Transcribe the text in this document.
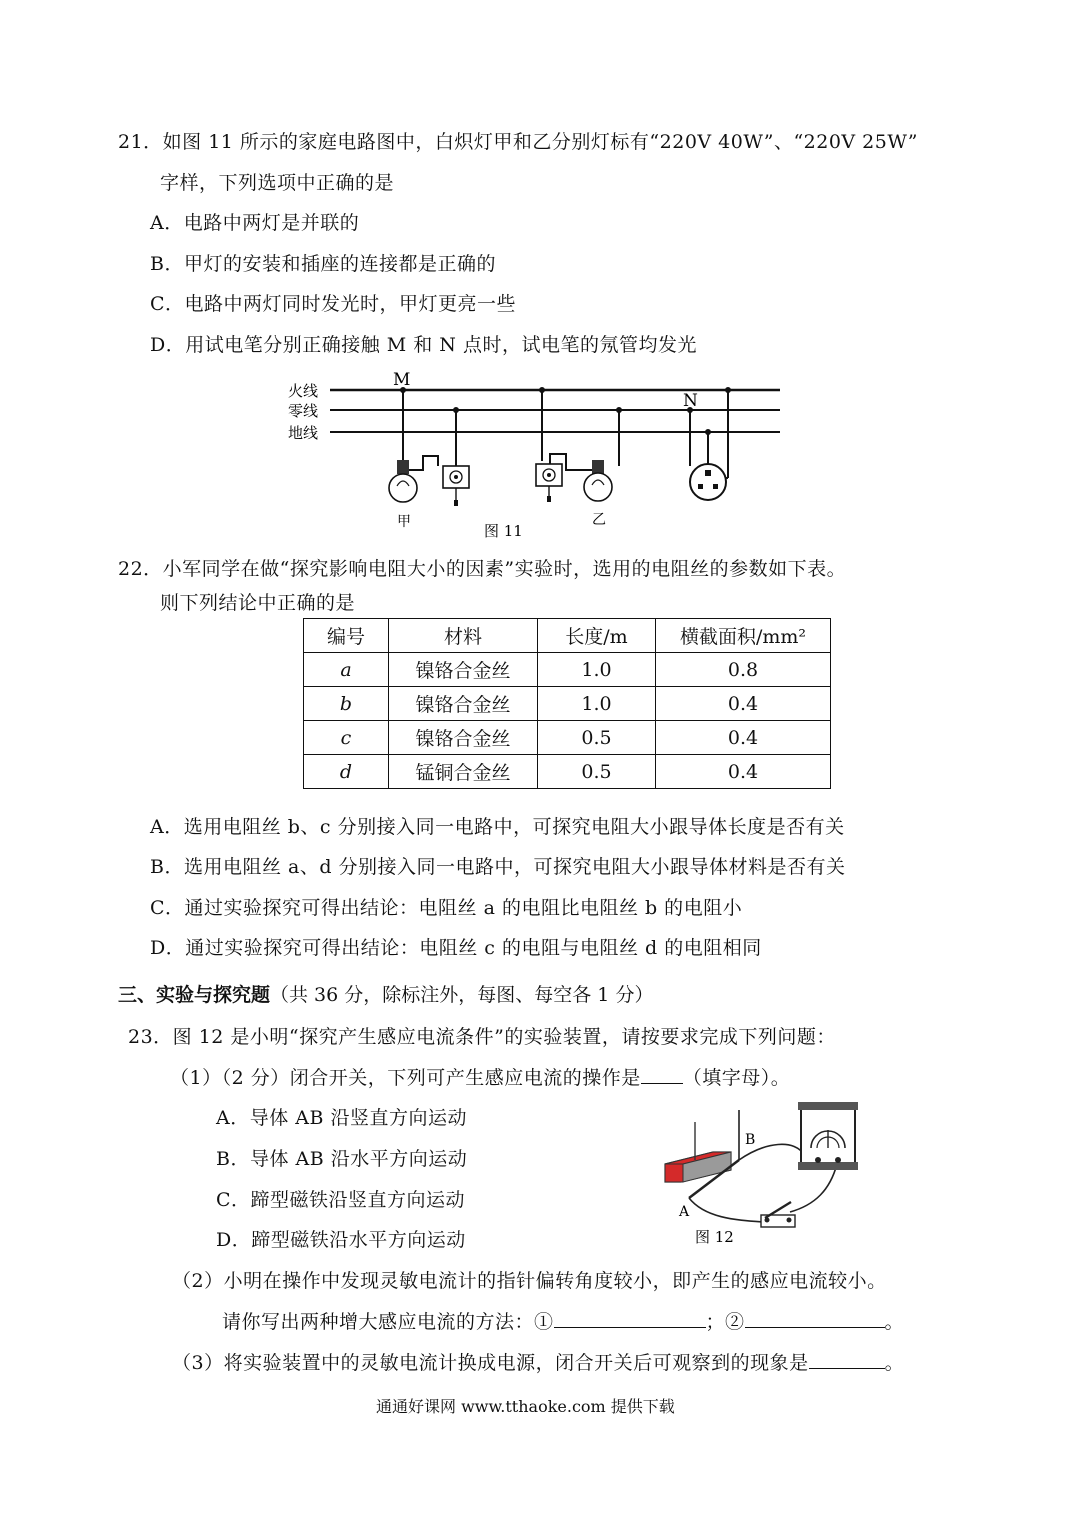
21．如图 11 所示的家庭电路图中，白炽灯甲和乙分别灯标有“220V 40W”、“220V 25W”
字样，下列选项中正确的是
A．电路中两灯是并联的
B．甲灯的安装和插座的连接都是正确的
C．电路中两灯同时发光时，甲灯更亮一些
D．用试电笔分别正确接触 M 和 N 点时，试电笔的氖管均发光
火线
零线
地线
M
N
甲	乙
图 11
22．小军同学在做“探究影响电阻大小的因素”实验时，选用的电阻丝的参数如下表。
则下列结论中正确的是
编号	材料	长度/m	横截面积/mm²
a	镍铬合金丝	1.0	0.8
b	镍铬合金丝	1.0	0.4
c	镍铬合金丝	0.5	0.4
d	锰铜合金丝	0.5	0.4
A．选用电阻丝 b、c 分别接入同一电路中，可探究电阻大小跟导体长度是否有关
B．选用电阻丝 a、d 分别接入同一电路中，可探究电阻大小跟导体材料是否有关
C．通过实验探究可得出结论：电阻丝 a 的电阻比电阻丝 b 的电阻小
D．通过实验探究可得出结论：电阻丝 c 的电阻与电阻丝 d 的电阻相同
三、实验与探究题（共 36 分，除标注外，每图、每空各 1 分）
23．图 12 是小明“探究产生感应电流条件”的实验装置，请按要求完成下列问题：
（1）（2 分）闭合开关，下列可产生感应电流的操作是 （填字母）。
A．导体 AB 沿竖直方向运动
B．导体 AB 沿水平方向运动
C．蹄型磁铁沿竖直方向运动
D．蹄型磁铁沿水平方向运动
B
A
图 12
（2）小明在操作中发现灵敏电流计的指针偏转角度较小，即产生的感应电流较小。
请你写出两种增大感应电流的方法：①	；②	。
（3）将实验装置中的灵敏电流计换成电源，闭合开关后可观察到的现象是	。
通通好课网 www.tthaoke.com 提供下载
